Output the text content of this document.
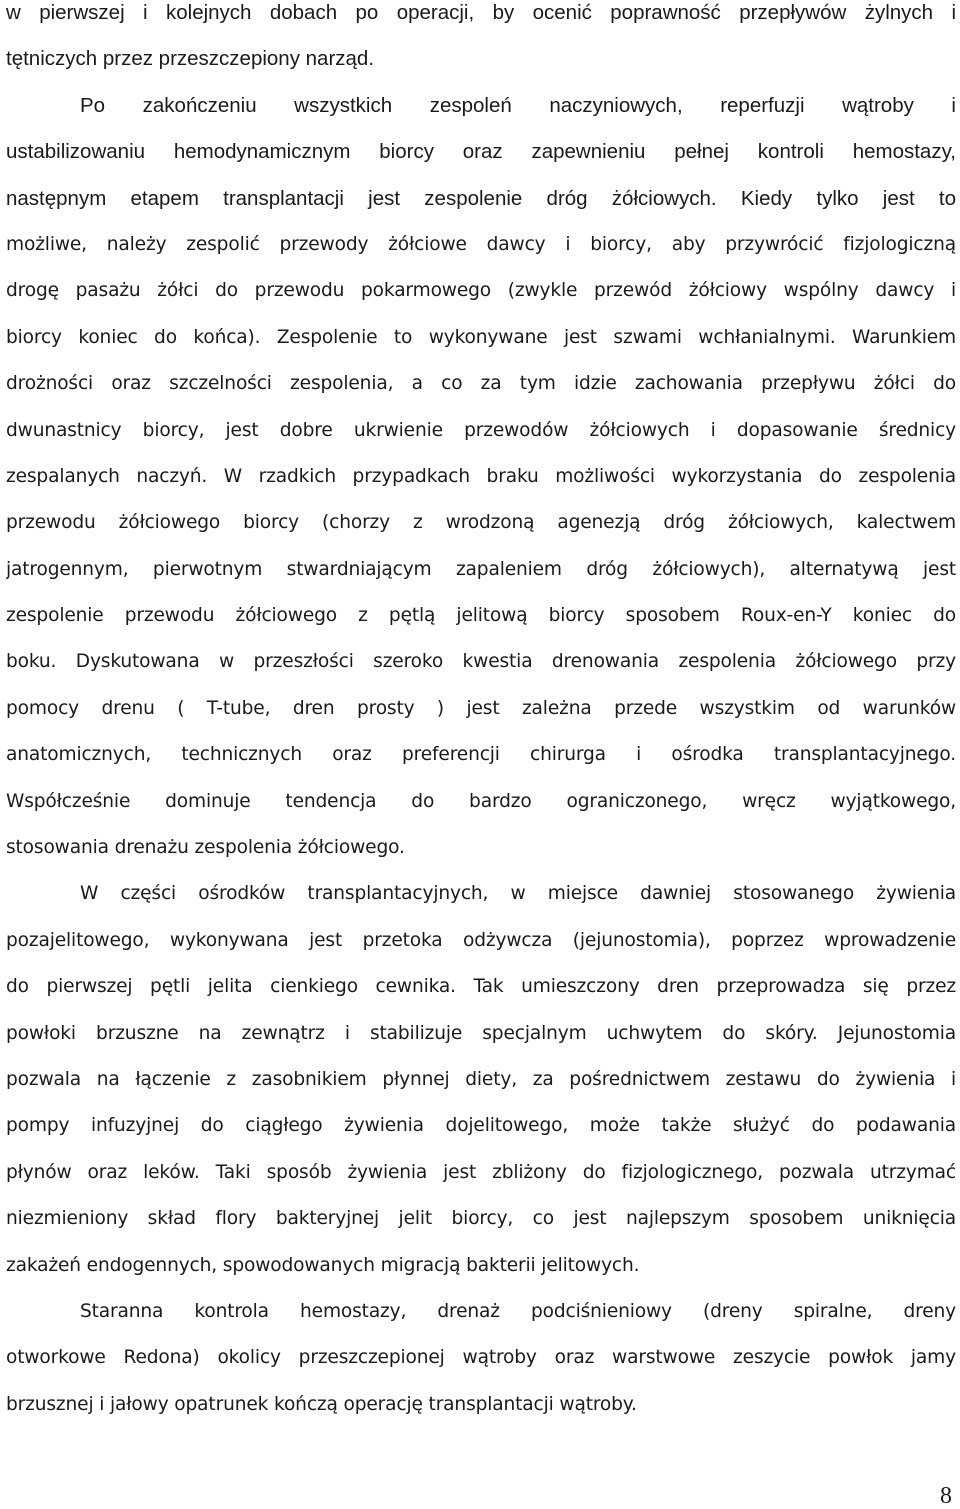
w pierwszej i kolejnych dobach po operacji, by ocenić poprawność przepływów żylnych i
tętniczych przez przeszczepiony narząd.
Po zakończeniu wszystkich zespoleń naczyniowych, reperfuzji wątroby i
ustabilizowaniu hemodynamicznym biorcy oraz zapewnieniu pełnej kontroli hemostazy,
następnym etapem transplantacji jest zespolenie dróg żółciowych. Kiedy tylko jest to
możliwe, należy zespolić przewody żółciowe dawcy i biorcy, aby przywrócić fizjologiczną
drogę pasażu żółci do przewodu pokarmowego (zwykle przewód żółciowy wspólny dawcy i
biorcy koniec do końca). Zespolenie to wykonywane jest szwami wchłanialnymi. Warunkiem
drożności oraz szczelności zespolenia, a co za tym idzie zachowania przepływu żółci do
dwunastnicy biorcy, jest dobre ukrwienie przewodów żółciowych i dopasowanie średnicy
zespalanych naczyń. W rzadkich przypadkach braku możliwości wykorzystania do zespolenia
przewodu żółciowego biorcy (chorzy z wrodzoną agenezją dróg żółciowych, kalectwem
jatrogennym, pierwotnym stwardniającym zapaleniem dróg żółciowych), alternatywą jest
zespolenie przewodu żółciowego z pętlą jelitową biorcy sposobem Roux-en-Y koniec do
boku. Dyskutowana w przeszłości szeroko kwestia drenowania zespolenia żółciowego przy
pomocy drenu ( T-tube, dren prosty ) jest zależna przede wszystkim od warunków
anatomicznych, technicznych oraz preferencji chirurga i ośrodka transplantacyjnego.
Współcześnie dominuje tendencja do bardzo ograniczonego, wręcz wyjątkowego,
stosowania drenażu zespolenia żółciowego.
W części ośrodków transplantacyjnych, w miejsce dawniej stosowanego żywienia
pozajelitowego, wykonywana jest przetoka odżywcza (jejunostomia), poprzez wprowadzenie
do pierwszej pętli jelita cienkiego cewnika. Tak umieszczony dren przeprowadza się przez
powłoki brzuszne na zewnątrz i stabilizuje specjalnym uchwytem do skóry. Jejunostomia
pozwala na łączenie z zasobnikiem płynnej diety, za pośrednictwem zestawu do żywienia i
pompy infuzyjnej do ciągłego żywienia dojelitowego, może także służyć do podawania
płynów oraz leków. Taki sposób żywienia jest zbliżony do fizjologicznego, pozwala utrzymać
niezmieniony skład flory bakteryjnej jelit biorcy, co jest najlepszym sposobem uniknięcia
zakażeń endogennych, spowodowanych migracją bakterii jelitowych.
Staranna kontrola hemostazy, drenaż podciśnieniowy (dreny spiralne, dreny
otworkowe Redona) okolicy przeszczepionej wątroby oraz warstwowe zeszycie powłok jamy
brzusznej i jałowy opatrunek kończą operację transplantacji wątroby.
8
